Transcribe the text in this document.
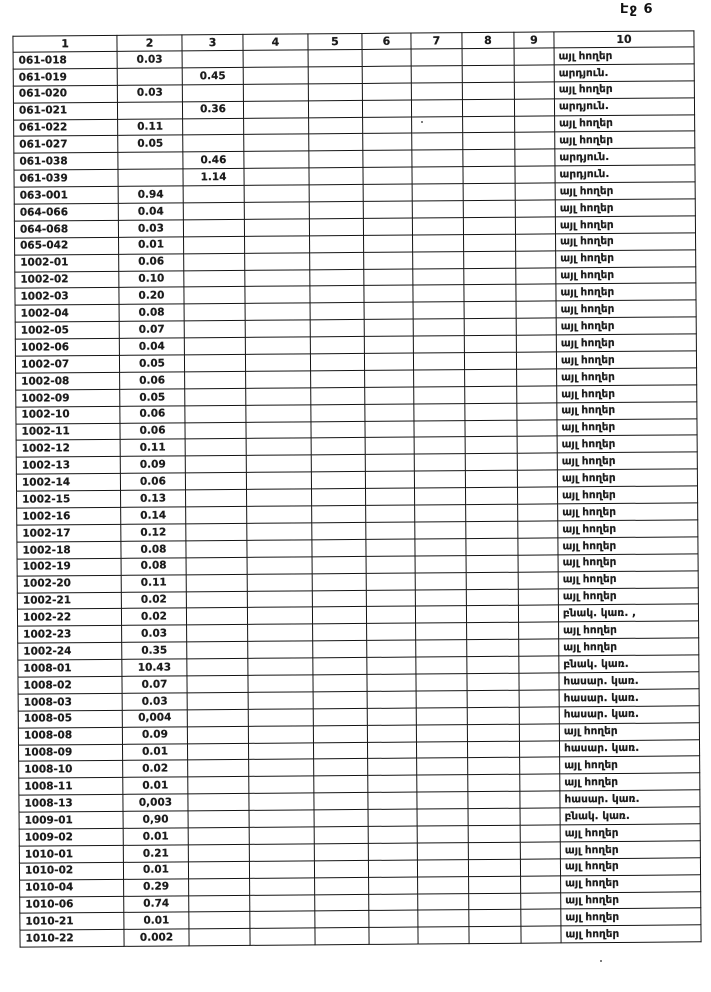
Էջ 6
1	2	3	4	5	6	7	8	9	10
061-018	0.03								այլ հողեր
061-019		0.45							արդյուն.
061-020	0.03								այլ հողեր
061-021		0.36							արդյուն.
061-022	0.11								այլ հողեր
061-027	0.05								այլ հողեր
061-038		0.46							արդյուն.
061-039		1.14							արդյուն.
063-001	0.94								այլ հողեր
064-066	0.04								այլ հողեր
064-068	0.03								այլ հողեր
065-042	0.01								այլ հողեր
1002-01	0.06								այլ հողեր
1002-02	0.10								այլ հողեր
1002-03	0.20								այլ հողեր
1002-04	0.08								այլ հողեր
1002-05	0.07								այլ հողեր
1002-06	0.04								այլ հողեր
1002-07	0.05								այլ հողեր
1002-08	0.06								այլ հողեր
1002-09	0.05								այլ հողեր
1002-10	0.06								այլ հողեր
1002-11	0.06								այլ հողեր
1002-12	0.11								այլ հողեր
1002-13	0.09								այլ հողեր
1002-14	0.06								այլ հողեր
1002-15	0.13								այլ հողեր
1002-16	0.14								այլ հողեր
1002-17	0.12								այլ հողեր
1002-18	0.08								այլ հողեր
1002-19	0.08								այլ հողեր
1002-20	0.11								այլ հողեր
1002-21	0.02								այլ հողեր
1002-22	0.02								բնակ. կառ. ,
1002-23	0.03								այլ հողեր
1002-24	0.35								այլ հողեր
1008-01	10.43								բնակ. կառ.
1008-02	0.07								հասար. կառ.
1008-03	0.03								հասար. կառ.
1008-05	0,004								հասար. կառ.
1008-08	0.09								այլ հողեր
1008-09	0.01								հասար. կառ.
1008-10	0.02								այլ հողեր
1008-11	0.01								այլ հողեր
1008-13	0,003								հասար. կառ.
1009-01	0,90								բնակ. կառ.
1009-02	0.01								այլ հողեր
1010-01	0.21								այլ հողեր
1010-02	0.01								այլ հողեր
1010-04	0.29								այլ հողեր
1010-06	0.74								այլ հողեր
1010-21	0.01								այլ հողեր
1010-22	0.002								այլ հողեր
